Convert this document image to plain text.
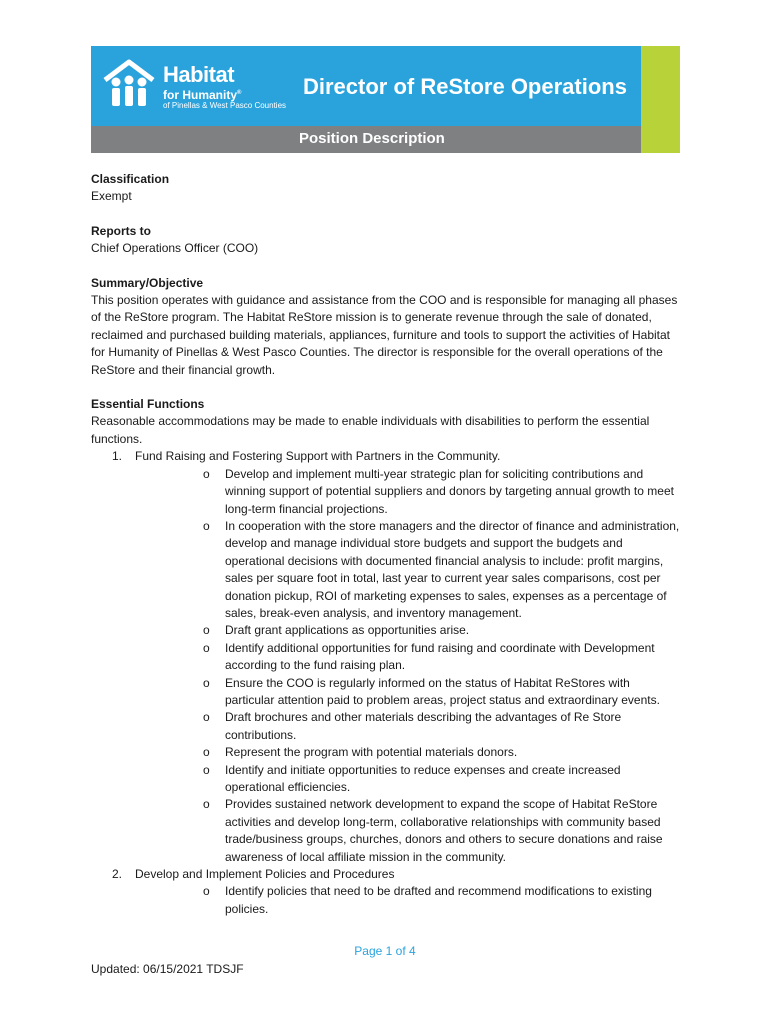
Habitat
for Humanity®
of Pinellas & West Pasco Counties
Director of ReStore Operations
Position Description

Classification

Exempt

Reports to

Chief Operations Officer (COO)

Summary/Objective

This position operates with guidance and assistance from the COO and is responsible for managing all phases of the ReStore program. The Habitat ReStore mission is to generate revenue through the sale of donated, reclaimed and purchased building materials, appliances, furniture and tools to support the activities of Habitat for Humanity of Pinellas & West Pasco Counties. The director is responsible for the overall operations of the ReStore and their financial growth.

Essential Functions

Reasonable accommodations may be made to enable individuals with disabilities to perform the essential functions.

1. Fund Raising and Fostering Support with Partners in the Community.
o Develop and implement multi-year strategic plan for soliciting contributions and winning support of potential suppliers and donors by targeting annual growth to meet long-term financial projections.
o In cooperation with the store managers and the director of finance and administration, develop and manage individual store budgets and support the budgets and operational decisions with documented financial analysis to include: profit margins, sales per square foot in total, last year to current year sales comparisons, cost per donation pickup, ROI of marketing expenses to sales, expenses as a percentage of sales, break-even analysis, and inventory management.
o Draft grant applications as opportunities arise.
o Identify additional opportunities for fund raising and coordinate with Development according to the fund raising plan.
o Ensure the COO is regularly informed on the status of Habitat ReStores with particular attention paid to problem areas, project status and extraordinary events.
o Draft brochures and other materials describing the advantages of Re Store contributions.
o Represent the program with potential materials donors.
o Identify and initiate opportunities to reduce expenses and create increased operational efficiencies.
o Provides sustained network development to expand the scope of Habitat ReStore activities and develop long-term, collaborative relationships with community based trade/business groups, churches, donors and others to secure donations and raise awareness of local affiliate mission in the community.
2. Develop and Implement Policies and Procedures
o Identify policies that need to be drafted and recommend modifications to existing policies.
Page 1 of 4
Updated: 06/15/2021 TDSJF
